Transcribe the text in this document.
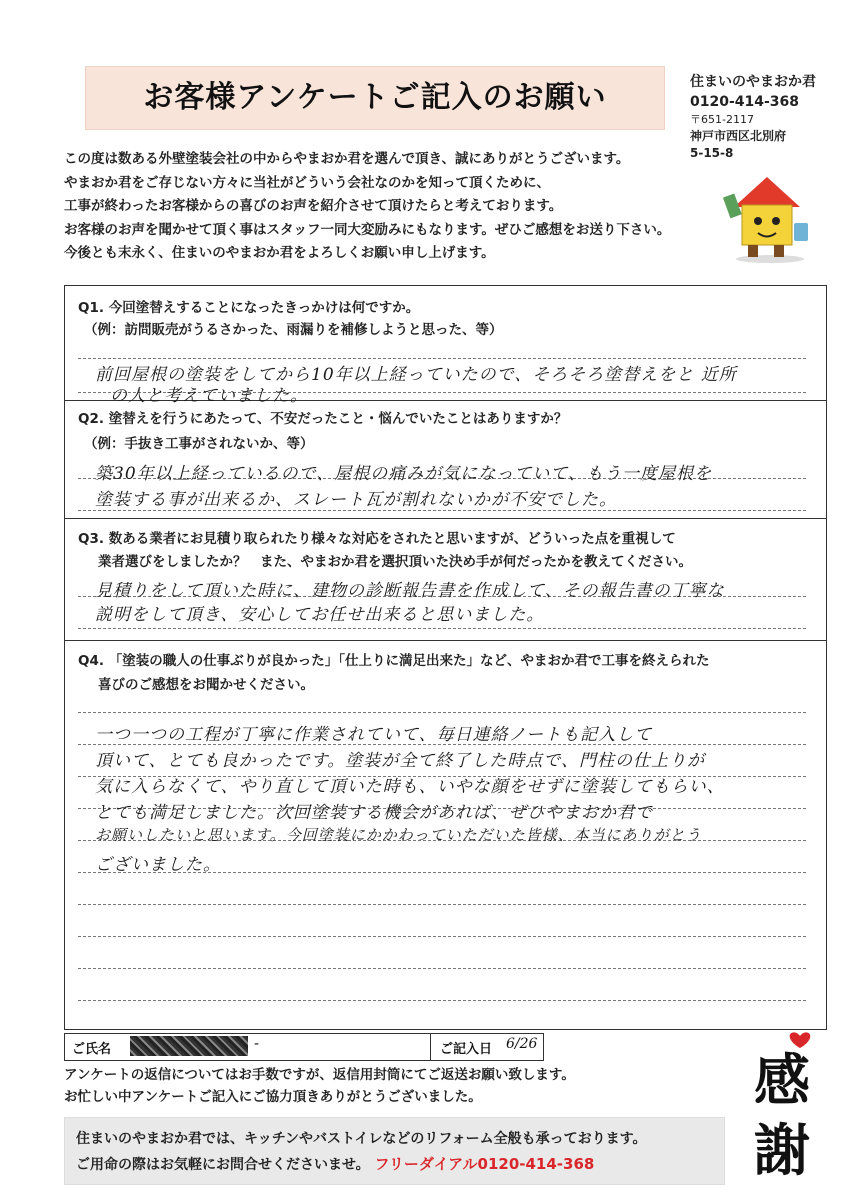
お客様アンケートご記入のお願い	住まいのやまおか君
0120-414-368
〒651-2117
神戸市西区北別府
5-15-8
この度は数ある外壁塗装会社の中からやまおか君を選んで頂き、誠にありがとうございます。
やまおか君をご存じない方々に当社がどういう会社なのかを知って頂くために、
工事が終わったお客様からの喜びのお声を紹介させて頂けたらと考えております。
お客様のお声を聞かせて頂く事はスタッフ一同大変励みにもなります。ぜひご感想をお送り下さい。
今後とも末永く、住まいのやまおか君をよろしくお願い申し上げます。
Q1. 今回塗替えすることになったきっかけは何ですか。
（例：訪問販売がうるさかった、雨漏りを補修しようと思った、等）
前回屋根の塗装をしてから10年以上経っていたので、そろそろ塗替えをと 近所
の人と考えていました。
Q2. 塗替えを行うにあたって、不安だったこと・悩んでいたことはありますか？
（例：手抜き工事がされないか、等）
築30年以上経っているので、屋根の痛みが気になっていて、もう一度屋根を
塗装する事が出来るか、スレート瓦が割れないかが不安でした。
Q3. 数ある業者にお見積り取られたり様々な対応をされたと思いますが、どういった点を重視して
業者選びをしましたか？　また、やまおか君を選択頂いた決め手が何だったかを教えてください。
見積りをして頂いた時に、建物の診断報告書を作成して、その報告書の丁寧な
説明をして頂き、安心してお任せ出来ると思いました。
Q4. 「塗装の職人の仕事ぶりが良かった」「仕上りに満足出来た」など、やまおか君で工事を終えられた
喜びのご感想をお聞かせください。
一つ一つの工程が丁寧に作業されていて、毎日連絡ノートも記入して
頂いて、とても良かったです。塗装が全て終了した時点で、門柱の仕上りが
気に入らなくて、やり直して頂いた時も、いやな顔をせずに塗装してもらい、
とても満足しました。次回塗装する機会があれば、ぜひやまおか君で
お願いしたいと思います。今回塗装にかかわっていただいた皆様、本当にありがとう
ございました。
ご氏名	-	ご記入日 6/26
アンケートの返信についてはお手数ですが、返信用封筒にてご返送お願い致します。
お忙しい中アンケートご記入にご協力頂きありがとうございました。
住まいのやまおか君では、キッチンやバストイレなどのリフォーム全般も承っております。
ご用命の際はお気軽にお問合せくださいませ。 フリーダイアル0120-414-368
感
謝
